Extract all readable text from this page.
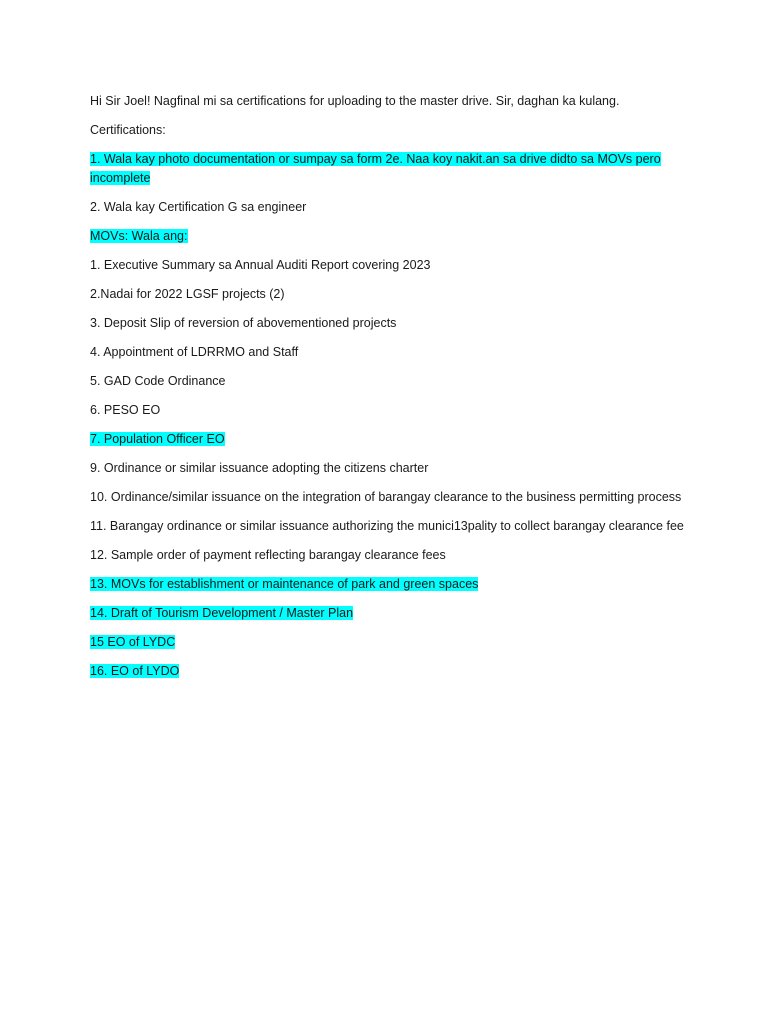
Hi Sir Joel! Nagfinal mi sa certifications for uploading to the master drive. Sir, daghan ka kulang.

Certifications:

1. Wala kay photo documentation or sumpay sa form 2e. Naa koy nakit.an sa drive didto sa MOVs pero incomplete

2. Wala kay Certification G sa engineer

MOVs: Wala ang:

1. Executive Summary sa Annual Auditi Report covering 2023

2.Nadai for 2022 LGSF projects (2)

3. Deposit Slip of reversion of abovementioned projects

4. Appointment of LDRRMO and Staff

5. GAD Code Ordinance

6. PESO EO

7. Population Officer EO

9. Ordinance or similar issuance adopting the citizens charter

10. Ordinance/similar issuance on the integration of barangay clearance to the business permitting process

11. Barangay ordinance or similar issuance authorizing the munici13pality to collect barangay clearance fee

12. Sample order of payment reflecting barangay clearance fees

13. MOVs for establishment or maintenance of park and green spaces

14. Draft of Tourism Development / Master Plan

15 EO of LYDC

16. EO of LYDO
